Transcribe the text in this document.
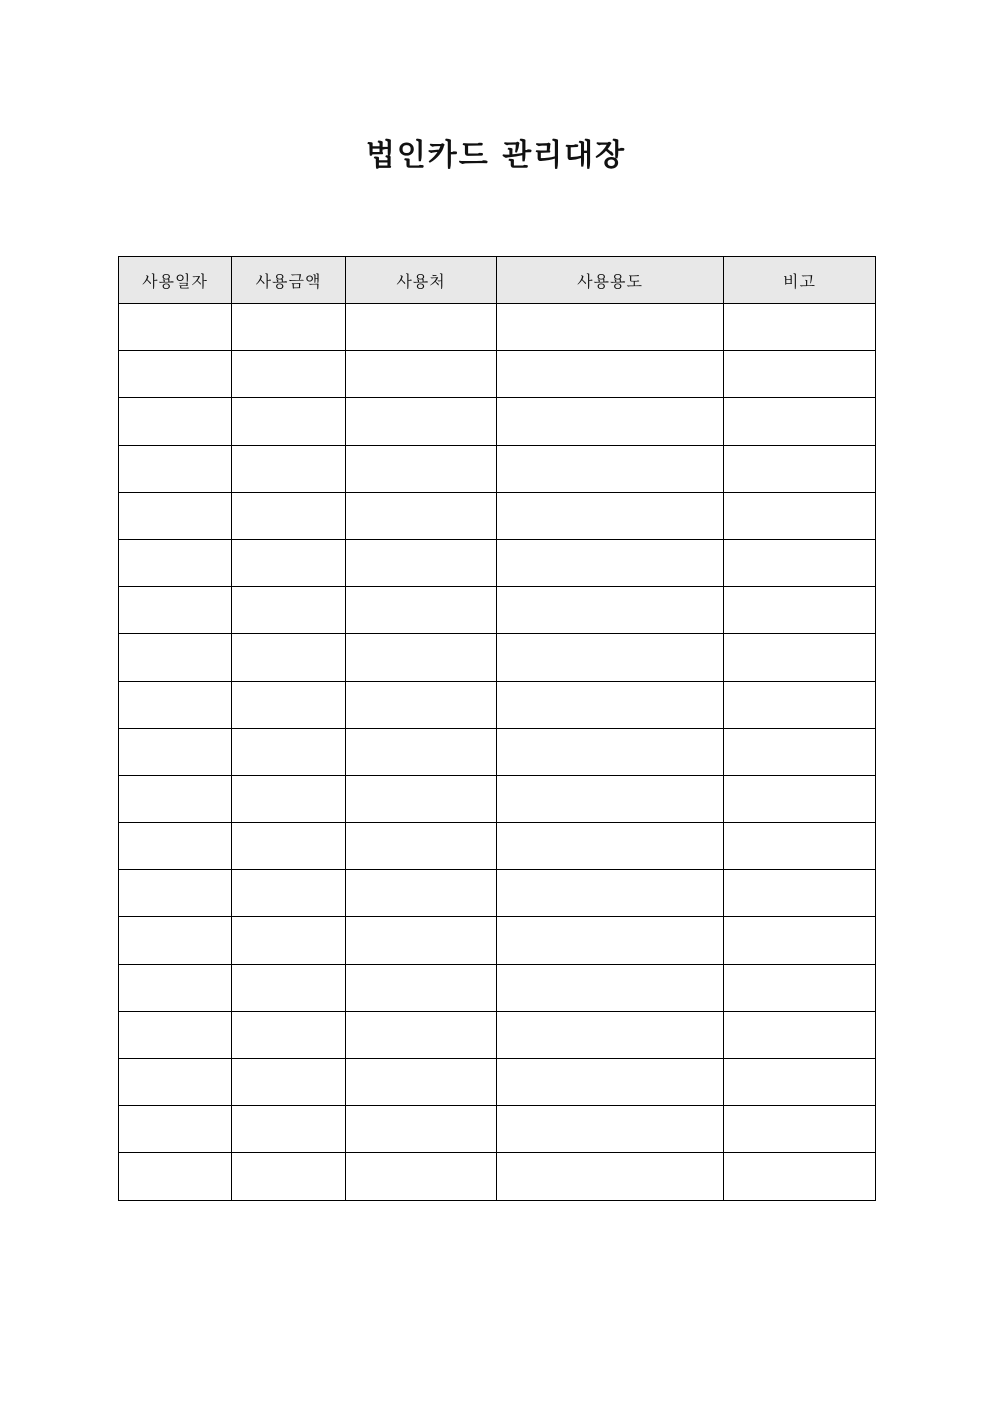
법인카드 관리대장
사용일자	사용금액	사용처	사용용도	비고
